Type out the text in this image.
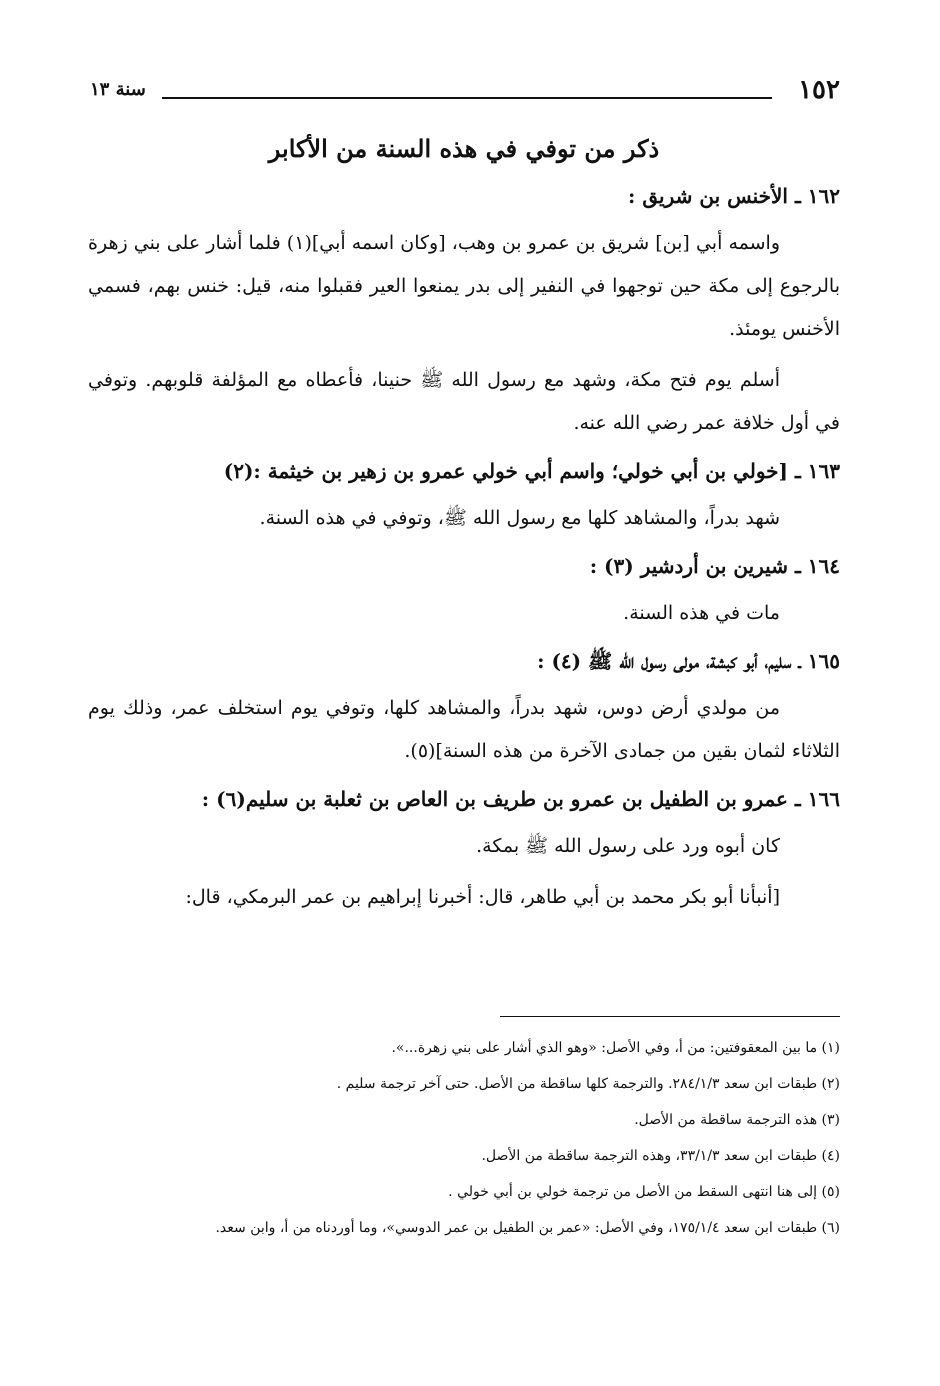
١٥٢
سنة ١٣
ذكر من توفي في هذه السنة من الأكابر
١٦٢ ـ الأخنس بن شريق :

واسمه أبي [بن] شريق بن عمرو بن وهب، [وكان اسمه أبي](١) فلما أشار على بني زهرة بالرجوع إلى مكة حين توجهوا في النفير إلى بدر يمنعوا العير فقبلوا منه، قيل: خنس بهم، فسمي الأخنس يومئذ.

أسلم يوم فتح مكة، وشهد مع رسول الله ﷺ حنينا، فأعطاه مع المؤلفة قلوبهم. وتوفي في أول خلافة عمر رضي الله عنه.

١٦٣ ـ [خولي بن أبي خولي؛ واسم أبي خولي عمرو بن زهير بن خيثمة :(٢)

شهد بدراً، والمشاهد كلها مع رسول الله ﷺ، وتوفي في هذه السنة.

١٦٤ ـ شيرين بن أردشير (٣) :

مات في هذه السنة.

١٦٥ ـ سليم، أبو كبشة، مولى رسول الله ﷺ (٤) :

من مولدي أرض دوس، شهد بدراً، والمشاهد كلها، وتوفي يوم استخلف عمر، وذلك يوم الثلاثاء لثمان بقين من جمادى الآخرة من هذه السنة](٥).

١٦٦ ـ عمرو بن الطفيل بن عمرو بن طريف بن العاص بن ثعلبة بن سليم(٦) :

كان أبوه ورد على رسول الله ﷺ بمكة.

[أنبأنا أبو بكر محمد بن أبي طاهر، قال: أخبرنا إبراهيم بن عمر البرمكي، قال:

(١) ما بين المعقوفتين: من أ، وفي الأصل: «وهو الذي أشار على بني زهرة...».

(٢) طبقات ابن سعد ٢٨٤/١/٣. والترجمة كلها ساقطة من الأصل. حتى آخر ترجمة سليم .

(٣) هذه الترجمة ساقطة من الأصل.

(٤) طبقات ابن سعد ٣٣/١/٣، وهذه الترجمة ساقطة من الأصل.

(٥) إلى هنا انتهى السقط من الأصل من ترجمة خولي بن أبي خولي .

(٦) طبقات ابن سعد ١٧٥/١/٤، وفي الأصل: «عمر بن الطفيل بن عمر الدوسي»، وما أوردناه من أ، وابن سعد.
